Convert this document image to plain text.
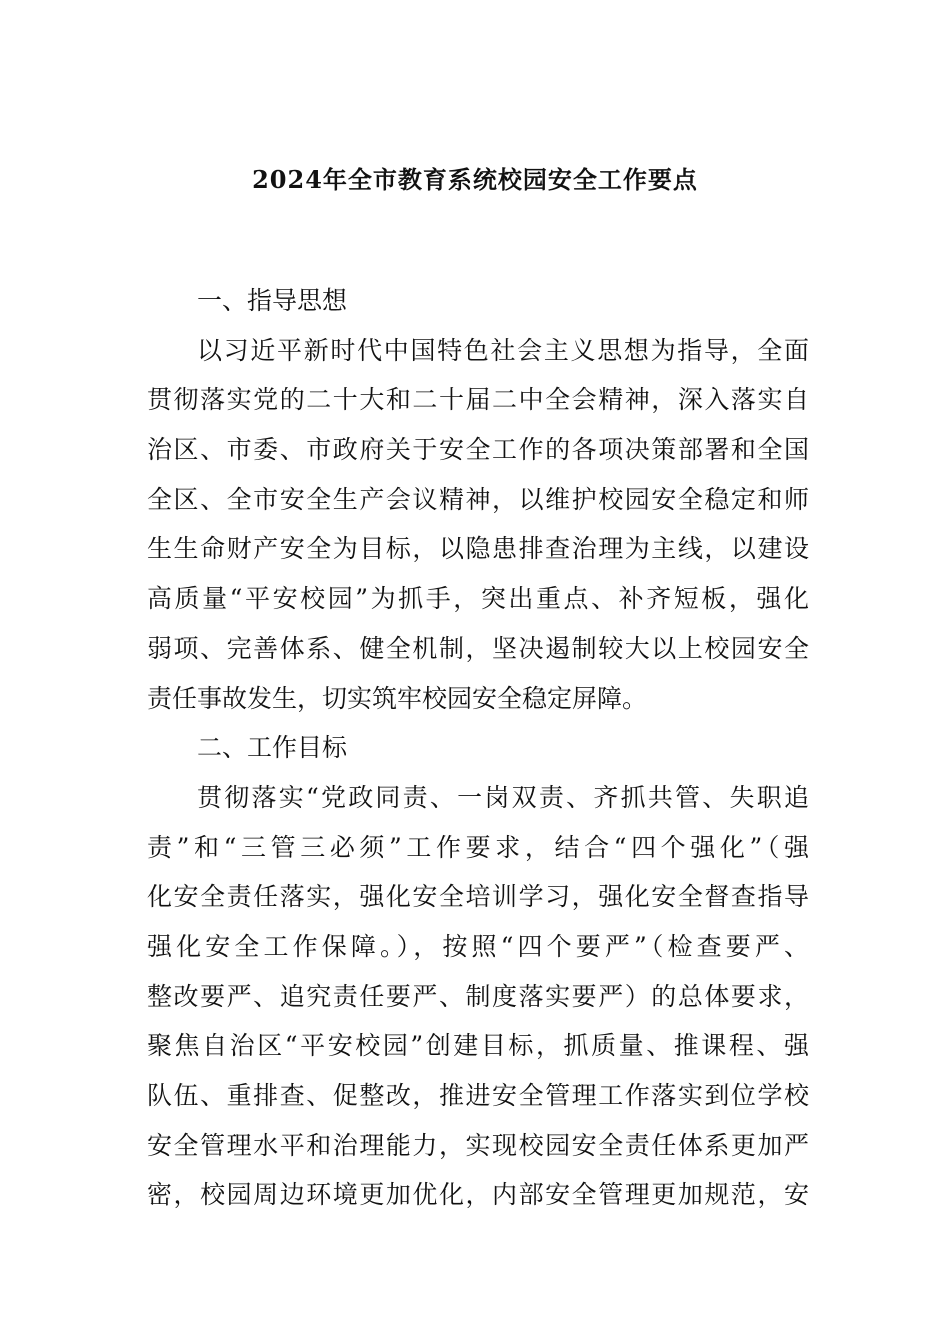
2024年全市教育系统校园安全工作要点
一、指导思想
以习近平新时代中国特色社会主义思想为指导，全面
贯彻落实党的二十大和二十届二中全会精神，深入落实自
治区、市委、市政府关于安全工作的各项决策部署和全国
全区、全市安全生产会议精神，以维护校园安全稳定和师
生生命财产安全为目标，以隐患排查治理为主线，以建设
高质量“平安校园”为抓手，突出重点、补齐短板，强化
弱项、完善体系、健全机制，坚决遏制较大以上校园安全
责任事故发生，切实筑牢校园安全稳定屏障。
二、工作目标
贯彻落实“党政同责、一岗双责、齐抓共管、失职追
责”和“三管三必须”工作要求，结合“四个强化”（强
化安全责任落实，强化安全培训学习，强化安全督查指导
强化安全工作保障。），按照“四个要严”（检查要严、
整改要严、追究责任要严、制度落实要严）的总体要求，
聚焦自治区“平安校园”创建目标，抓质量、推课程、强
队伍、重排查、促整改，推进安全管理工作落实到位学校
安全管理水平和治理能力，实现校园安全责任体系更加严
密，校园周边环境更加优化，内部安全管理更加规范，安
